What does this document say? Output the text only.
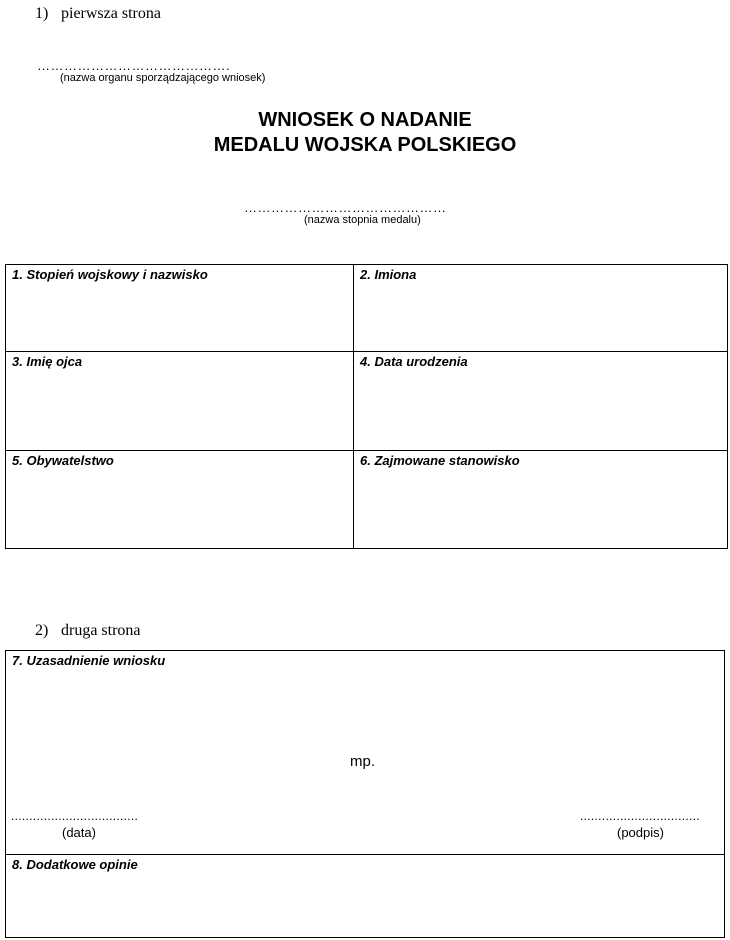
1) pierwsza strona
…………………………………….
(nazwa organu sporządzającego wniosek)
WNIOSEK O NADANIE
MEDALU WOJSKA POLSKIEGO
………………………………………
(nazwa stopnia medalu)
1. Stopień wojskowy i nazwisko	2. Imiona
3. Imię ojca	4. Data urodzenia
5. Obywatelstwo	6. Zajmowane stanowisko
2) druga strona
7. Uzasadnienie wniosku
mp.
...................................
(data)
.................................
(podpis)
8. Dodatkowe opinie
